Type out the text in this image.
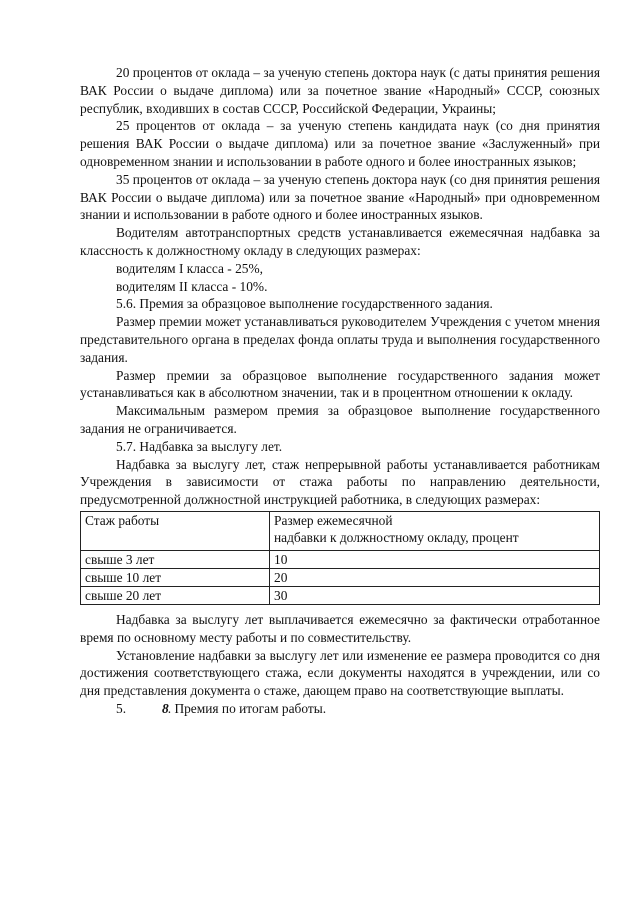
20 процентов от оклада – за ученую степень доктора наук (с даты принятия решения ВАК России о выдаче диплома) или за почетное звание «Народный» СССР, союзных республик, входивших в состав СССР, Российской Федерации, Украины;

25 процентов от оклада – за ученую степень кандидата наук (со дня принятия решения ВАК России о выдаче диплома) или за почетное звание «Заслуженный» при одновременном знании и использовании в работе одного и более иностранных языков;

35 процентов от оклада – за ученую степень доктора наук (со дня принятия решения ВАК России о выдаче диплома) или за почетное звание «Народный» при одновременном знании и использовании в работе одного и более иностранных языков.

Водителям автотранспортных средств устанавливается ежемесячная надбавка за классность к должностному окладу в следующих размерах:

водителям I класса - 25%,

водителям II класса - 10%.

5.6. Премия за образцовое выполнение государственного задания.

Размер премии может устанавливаться руководителем Учреждения с учетом мнения представительного органа в пределах фонда оплаты труда и выполнения государственного задания.

Размер премии за образцовое выполнение государственного задания может устанавливаться как в абсолютном значении, так и в процентном отношении к окладу.

Максимальным размером премия за образцовое выполнение государственного задания не ограничивается.

5.7. Надбавка за выслугу лет.

Надбавка за выслугу лет, стаж непрерывной работы устанавливается работникам Учреждения в зависимости от стажа работы по направлению деятельности, предусмотренной должностной инструкцией работника, в следующих размерах:

Стаж работы	Размер ежемесячной
надбавки к должностному окладу, процент
свыше 3 лет	10
свыше 10 лет	20
свыше 20 лет	30

Надбавка за выслугу лет выплачивается ежемесячно за фактически отработанное время по основному месту работы и по совместительству.

Установление надбавки за выслугу лет или изменение ее размера проводится со дня достижения соответствующего стажа, если документы находятся в учреждении, или со дня представления документа о стаже, дающем право на соответствующие выплаты.

5.	8. Премия по итогам работы.
